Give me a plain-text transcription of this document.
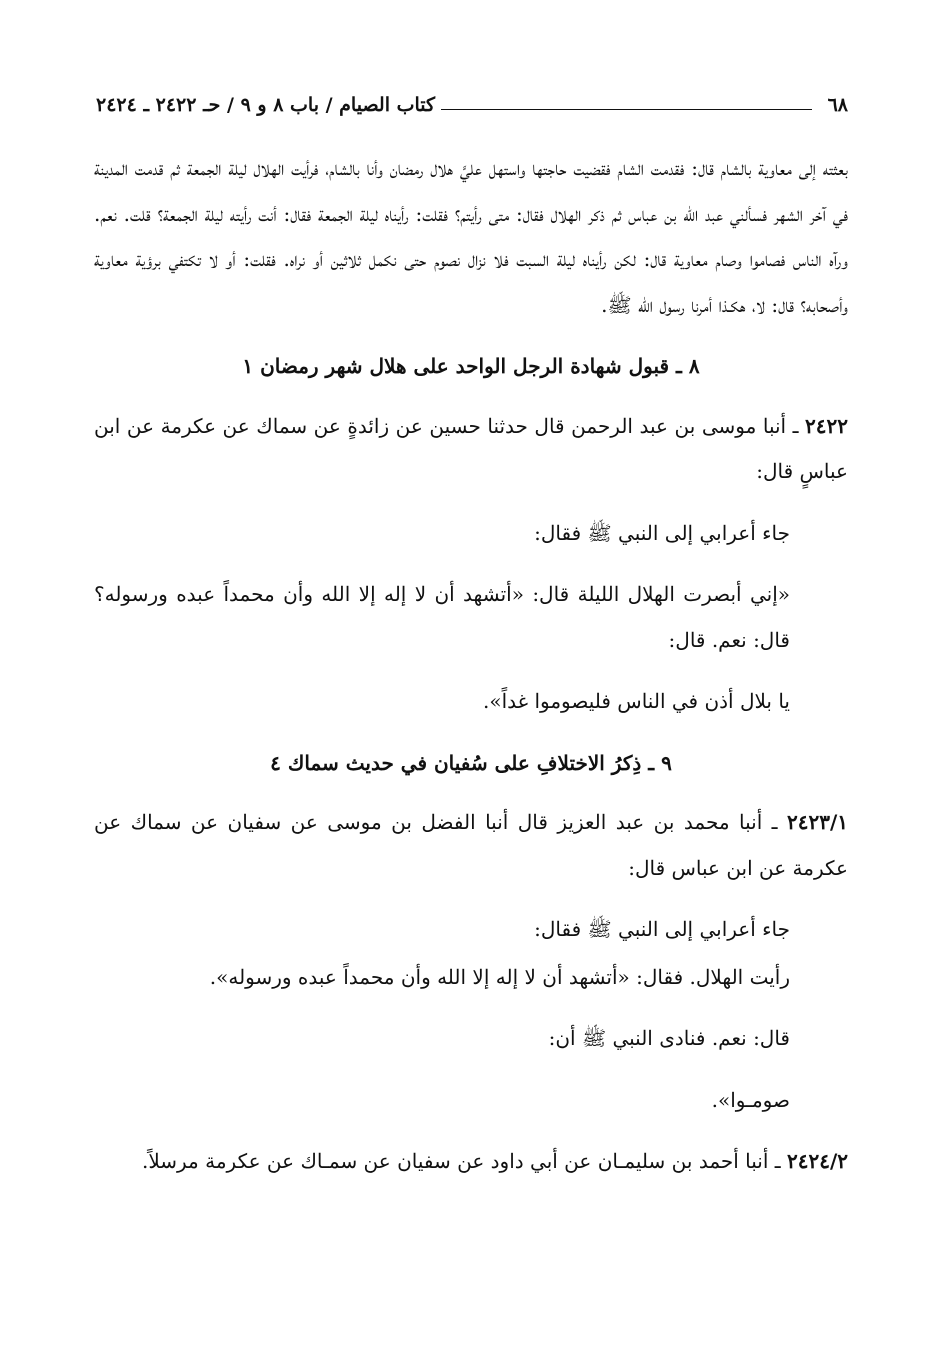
٦٨
كتاب الصيام / باب ٨ و ٩ / حـ ٢٤٢٢ ـ ٢٤٢٤

بعثته إلى معاوية بالشام قال: فقدمت الشام فقضيت حاجتها واستهل عليَّ هلال رمضان وأنا بالشام، فرأيت الهلال ليلة الجمعة ثم قدمت المدينة في آخر الشهر فسألني عبد الله بن عباس ثم ذكر الهلال فقال: متى رأيتم؟ فقلت: رأيناه ليلة الجمعة فقال: أنت رأيته ليلة الجمعة؟ قلت. نعم. ورآه الناس فصاموا وصام معاوية قال: لكن رأيناه ليلة السبت فلا نزال نصوم حتى نكمل ثلاثين أو نراه. فقلت: أو لا تكتفي برؤية معاوية وأصحابه؟ قال: لا، هكـذا أمرنا رسول الله ﷺ.

٨ ـ قبول شهادة الرجل الواحد على هلال شهر رمضان ١

٢٤٢٢ ـ أنبا موسى بن عبد الرحمن قال حدثنا حسين عن زائدةٍ عن سماك عن عكرمة عن ابن عباسٍ قال:

جاء أعرابي إلى النبي ﷺ فقال:

«إني أبصرت الهلال الليلة قال: «أتشهد أن لا إله إلا الله وأن محمداً عبده ورسوله؟ قال: نعم. قال:

يا بلال أذن في الناس فليصوموا غداً».

٩ ـ ذِكرُ الاختلافِ على سُفيان في حديث سماك ٤

٢٤٢٣/١ ـ أنبا محمد بن عبد العزيز قال أنبا الفضل بن موسى عن سفيان عن سماك عن عكرمة عن ابن عباس قال:

جاء أعرابي إلى النبي ﷺ فقال:

رأيت الهلال. فقال: «أتشهد أن لا إله إلا الله وأن محمداً عبده ورسوله».

قال: نعم. فنادى النبي ﷺ أن:

صومـوا».

٢٤٢٤/٢ ـ أنبا أحمد بن سليمـان عن أبي داود عن سفيان عن سمـاك عن عكرمة مرسلاً.
